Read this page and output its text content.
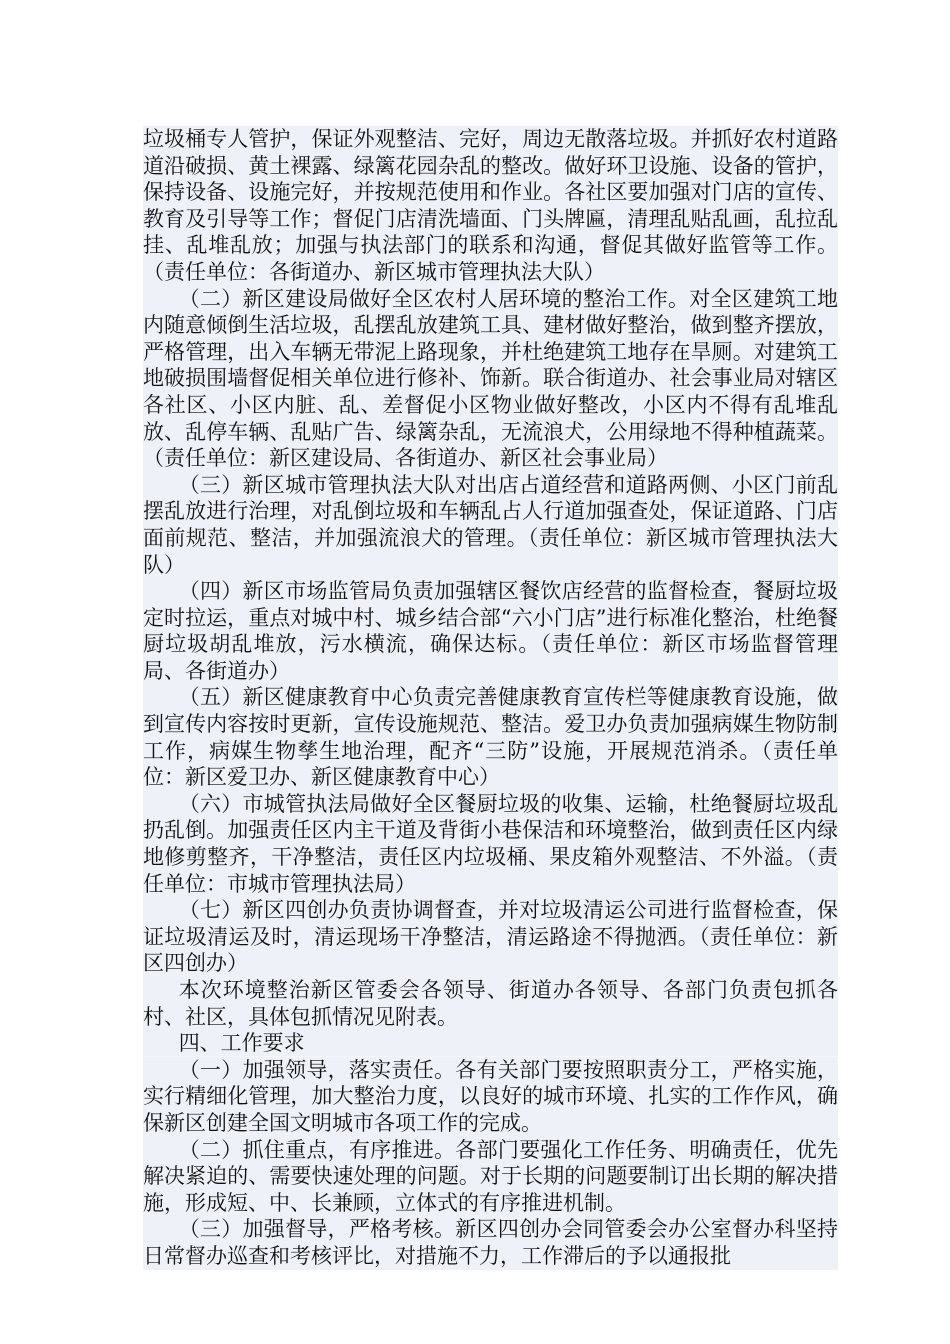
垃圾桶专人管护，保证外观整洁、完好，周边无散落垃圾。并抓好农村道路道沿破损、黄土裸露、绿篱花园杂乱的整改。做好环卫设施、设备的管护，保持设备、设施完好，并按规范使用和作业。各社区要加强对门店的宣传、教育及引导等工作；督促门店清洗墙面、门头牌匾，清理乱贴乱画，乱拉乱挂、乱堆乱放；加强与执法部门的联系和沟通，督促其做好监管等工作。（责任单位：各街道办、新区城市管理执法大队）

（二）新区建设局做好全区农村人居环境的整治工作。对全区建筑工地内随意倾倒生活垃圾，乱摆乱放建筑工具、建材做好整治，做到整齐摆放，严格管理，出入车辆无带泥上路现象，并杜绝建筑工地存在旱厕。对建筑工地破损围墙督促相关单位进行修补、饰新。联合街道办、社会事业局对辖区各社区、小区内脏、乱、差督促小区物业做好整改，小区内不得有乱堆乱放、乱停车辆、乱贴广告、绿篱杂乱，无流浪犬，公用绿地不得种植蔬菜。（责任单位：新区建设局、各街道办、新区社会事业局）

（三）新区城市管理执法大队对出店占道经营和道路两侧、小区门前乱摆乱放进行治理，对乱倒垃圾和车辆乱占人行道加强查处，保证道路、门店面前规范、整洁，并加强流浪犬的管理。（责任单位：新区城市管理执法大队）

（四）新区市场监管局负责加强辖区餐饮店经营的监督检查，餐厨垃圾定时拉运，重点对城中村、城乡结合部“六小门店”进行标准化整治，杜绝餐厨垃圾胡乱堆放，污水横流，确保达标。（责任单位：新区市场监督管理局、各街道办）

（五）新区健康教育中心负责完善健康教育宣传栏等健康教育设施，做到宣传内容按时更新，宣传设施规范、整洁。爱卫办负责加强病媒生物防制工作，病媒生物孳生地治理，配齐“三防”设施，开展规范消杀。（责任单位：新区爱卫办、新区健康教育中心）

（六）市城管执法局做好全区餐厨垃圾的收集、运输，杜绝餐厨垃圾乱扔乱倒。加强责任区内主干道及背街小巷保洁和环境整治，做到责任区内绿地修剪整齐，干净整洁，责任区内垃圾桶、果皮箱外观整洁、不外溢。（责任单位：市城市管理执法局）

（七）新区四创办负责协调督查，并对垃圾清运公司进行监督检查，保证垃圾清运及时，清运现场干净整洁，清运路途不得抛洒。（责任单位：新区四创办）

本次环境整治新区管委会各领导、街道办各领导、各部门负责包抓各村、社区，具体包抓情况见附表。

四、工作要求

（一）加强领导，落实责任。各有关部门要按照职责分工，严格实施，实行精细化管理，加大整治力度，以良好的城市环境、扎实的工作作风，确保新区创建全国文明城市各项工作的完成。

（二）抓住重点，有序推进。各部门要强化工作任务、明确责任，优先解决紧迫的、需要快速处理的问题。对于长期的问题要制订出长期的解决措施，形成短、中、长兼顾，立体式的有序推进机制。

（三）加强督导，严格考核。新区四创办会同管委会办公室督办科坚持日常督办巡查和考核评比，对措施不力，工作滞后的予以通报批
